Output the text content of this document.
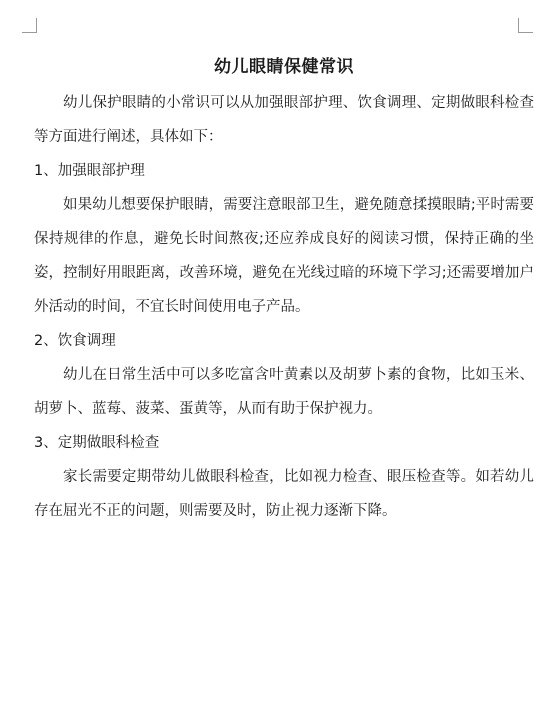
幼儿眼睛保健常识

幼儿保护眼睛的小常识可以从加强眼部护理、饮食调理、定期做眼科检查等方面进行阐述，具体如下：

1、加强眼部护理

如果幼儿想要保护眼睛，需要注意眼部卫生，避免随意揉摸眼睛;平时需要保持规律的作息，避免长时间熬夜;还应养成良好的阅读习惯，保持正确的坐姿，控制好用眼距离，改善环境，避免在光线过暗的环境下学习;还需要增加户外活动的时间，不宜长时间使用电子产品。

2、饮食调理

幼儿在日常生活中可以多吃富含叶黄素以及胡萝卜素的食物，比如玉米、胡萝卜、蓝莓、菠菜、蛋黄等，从而有助于保护视力。

3、定期做眼科检查

家长需要定期带幼儿做眼科检查，比如视力检查、眼压检查等。如若幼儿存在屈光不正的问题，则需要及时，防止视力逐渐下降。
